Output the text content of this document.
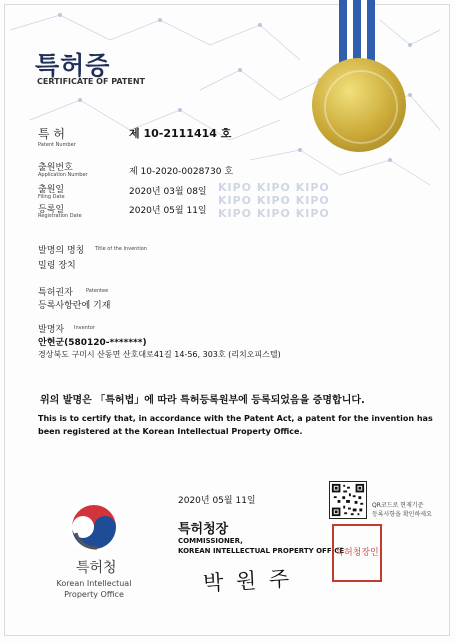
KIPO KIPO KIPO
KIPO KIPO KIPO
KIPO KIPO KIPO
특허증
CERTIFICATE OF PATENT
특 허
Patent Number
제 10-2111414 호
출원번호
Application Number	제 10-2020-0028730 호
출원일
Filing Date	2020년 03월 08일
등록일
Registration Date	2020년 05월 11일
발명의 명칭 Title of the Invention
밀링 장치
특허권자	Patentee
등록사항란에 기재
발명자 Inventor
안현군(580120-*******)
경상북도 구미시 산동면 산호대로41길 14-56, 303호 (리치오피스텔)
위의 발명은 「특허법」에 따라 특허등록원부에 등록되었음을 증명합니다.
This is to certify that, in accordance with the Patent Act, a patent for the invention has been registered at the Korean Intellectual Property Office.
2020년 05월 11일
특허청장
COMMISSIONER,
KOREAN INTELLECTUAL PROPERTY OFFICE
박 원 주
QR코드로 현재기준
등록사항을 확인하세요
특허청장인
특허청
Korean Intellectual Property Office
